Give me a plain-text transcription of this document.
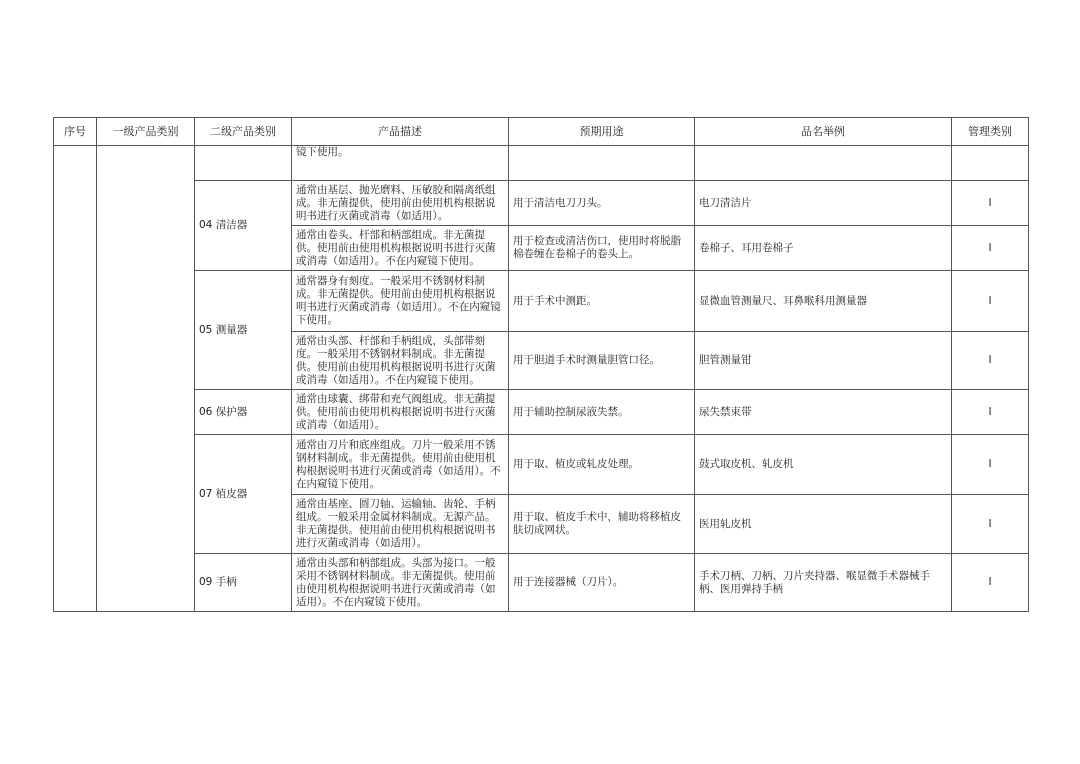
序号	一级产品类别	二级产品类别	产品描述	预期用途	品名举例	管理类别
			镜下使用。			
		04 清洁器	通常由基层、抛光磨料、压敏胶和隔离纸组成。非无菌提供，使用前由使用机构根据说明书进行灭菌或消毒（如适用）。	用于清洁电刀刀头。	电刀清洁片	I
			通常由卷头、杆部和柄部组成。非无菌提供。使用前由使用机构根据说明书进行灭菌或消毒（如适用）。不在内窥镜下使用。	用于检查或清洁伤口，使用时将脱脂棉卷缠在卷棉子的卷头上。	卷棉子、耳用卷棉子	I
		05 测量器	通常器身有刻度。一般采用不锈钢材料制成。非无菌提供。使用前由使用机构根据说明书进行灭菌或消毒（如适用）。不在内窥镜下使用。	用于手术中测距。	显微血管测量尺、耳鼻喉科用测量器	I
			通常由头部、杆部和手柄组成，头部带刻度。一般采用不锈钢材料制成。非无菌提供。使用前由使用机构根据说明书进行灭菌或消毒（如适用）。不在内窥镜下使用。	用于胆道手术时测量胆管口径。	胆管测量钳	I
		06 保护器	通常由球囊、绑带和充气阀组成。非无菌提供。使用前由使用机构根据说明书进行灭菌或消毒（如适用）。	用于辅助控制尿液失禁。	尿失禁束带	I
		07 植皮器	通常由刀片和底座组成。刀片一般采用不锈钢材料制成。非无菌提供。使用前由使用机构根据说明书进行灭菌或消毒（如适用）。不在内窥镜下使用。	用于取、植皮或轧皮处理。	鼓式取皮机、轧皮机	I
			通常由基座、圆刀轴、运输轴、齿轮、手柄组成。一般采用金属材料制成。无源产品。非无菌提供。使用前由使用机构根据说明书进行灭菌或消毒（如适用）。	用于取、植皮手术中，辅助将移植皮肤切成网状。	医用轧皮机	I
		09 手柄	通常由头部和柄部组成。头部为接口。一般采用不锈钢材料制成。非无菌提供。使用前由使用机构根据说明书进行灭菌或消毒（如适用）。不在内窥镜下使用。	用于连接器械（刀片）。	手术刀柄、刀柄、刀片夹持器、喉显微手术器械手柄、医用弹持手柄	I
